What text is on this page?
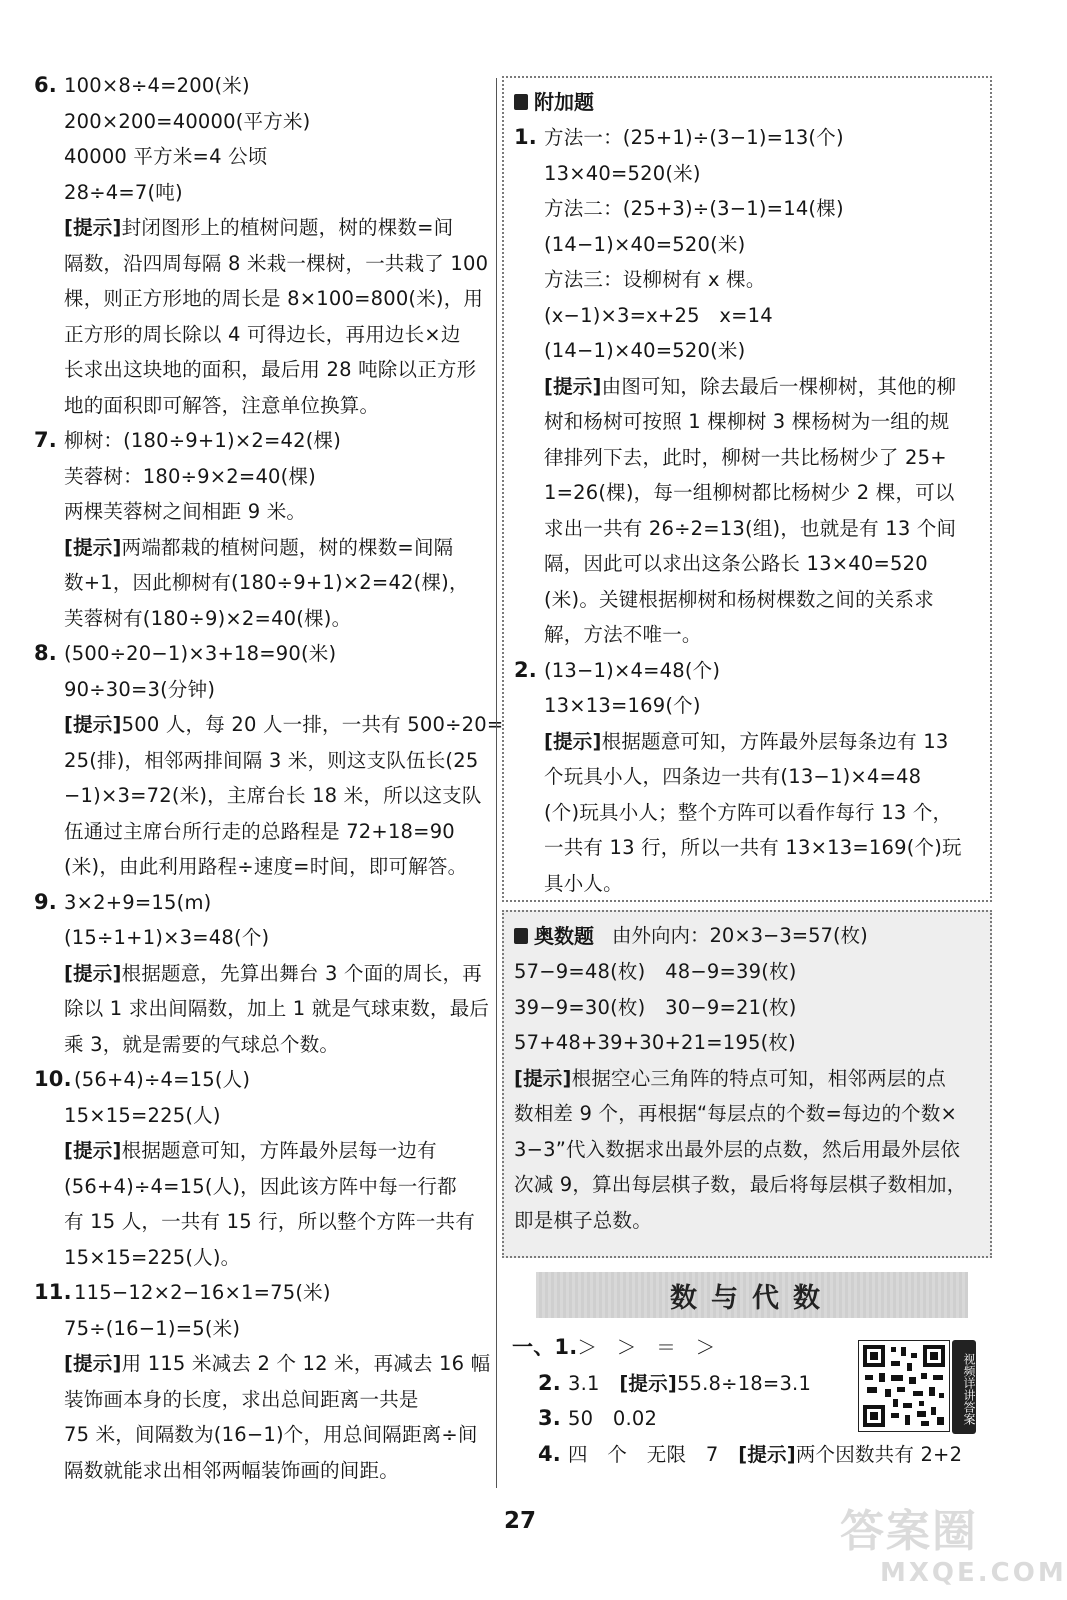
6. 100×8÷4=200(米)
200×200=40000(平方米)
40000 平方米=4 公顷
28÷4=7(吨)
[提示]封闭图形上的植树问题，树的棵数=间
隔数，沿四周每隔 8 米栽一棵树，一共栽了 100
棵，则正方形地的周长是 8×100=800(米)，用
正方形的周长除以 4 可得边长，再用边长×边
长求出这块地的面积，最后用 28 吨除以正方形
地的面积即可解答，注意单位换算。
7. 柳树：(180÷9+1)×2=42(棵)
芙蓉树：180÷9×2=40(棵)
两棵芙蓉树之间相距 9 米。
[提示]两端都栽的植树问题，树的棵数=间隔
数+1，因此柳树有(180÷9+1)×2=42(棵)，
芙蓉树有(180÷9)×2=40(棵)。
8. (500÷20−1)×3+18=90(米)
90÷30=3(分钟)
[提示]500 人，每 20 人一排，一共有 500÷20=
25(排)，相邻两排间隔 3 米，则这支队伍长(25
−1)×3=72(米)，主席台长 18 米，所以这支队
伍通过主席台所行走的总路程是 72+18=90
(米)，由此利用路程÷速度=时间，即可解答。
9. 3×2+9=15(m)
(15÷1+1)×3=48(个)
[提示]根据题意，先算出舞台 3 个面的周长，再
除以 1 求出间隔数，加上 1 就是气球束数，最后
乘 3，就是需要的气球总个数。
10. (56+4)÷4=15(人)
15×15=225(人)
[提示]根据题意可知，方阵最外层每一边有
(56+4)÷4=15(人)，因此该方阵中每一行都
有 15 人，一共有 15 行，所以整个方阵一共有
15×15=225(人)。
11. 115−12×2−16×1=75(米)
75÷(16−1)=5(米)
[提示]用 115 米减去 2 个 12 米，再减去 16 幅
装饰画本身的长度，求出总间距离一共是
75 米，间隔数为(16−1)个，用总间隔距离÷间
隔数就能求出相邻两幅装饰画的间距。
附加题
1. 方法一：(25+1)÷(3−1)=13(个)
13×40=520(米)
方法二：(25+3)÷(3−1)=14(棵)
(14−1)×40=520(米)
方法三：设柳树有 x 棵。
(x−1)×3=x+25　x=14
(14−1)×40=520(米)
[提示]由图可知，除去最后一棵柳树，其他的柳
树和杨树可按照 1 棵柳树 3 棵杨树为一组的规
律排列下去，此时，柳树一共比杨树少了 25+
1=26(棵)，每一组柳树都比杨树少 2 棵，可以
求出一共有 26÷2=13(组)，也就是有 13 个间
隔，因此可以求出这条公路长 13×40=520
(米)。关键根据柳树和杨树棵数之间的关系求
解，方法不唯一。
2. (13−1)×4=48(个)
13×13=169(个)
[提示]根据题意可知，方阵最外层每条边有 13
个玩具小人，四条边一共有(13−1)×4=48
(个)玩具小人；整个方阵可以看作每行 13 个，
一共有 13 行，所以一共有 13×13=169(个)玩
具小人。
奥数题 由外向内：20×3−3=57(枚)
57−9=48(枚)　48−9=39(枚)
39−9=30(枚)　30−9=21(枚)
57+48+39+30+21=195(枚)
[提示]根据空心三角阵的特点可知，相邻两层的点
数相差 9 个，再根据“每层点的个数=每边的个数×
3−3”代入数据求出最外层的点数，然后用最外层依
次减 9，算出每层棋子数，最后将每层棋子数相加，
即是棋子总数。
数与代数
一、1.＞　＞　＝　＞
2. 3.1　[提示]55.8÷18=3.1
3. 50　0.02
4. 四　个　无限　7　[提示]两个因数共有 2+2
视频详讲答案
27	答案圈
MXQE.COM
